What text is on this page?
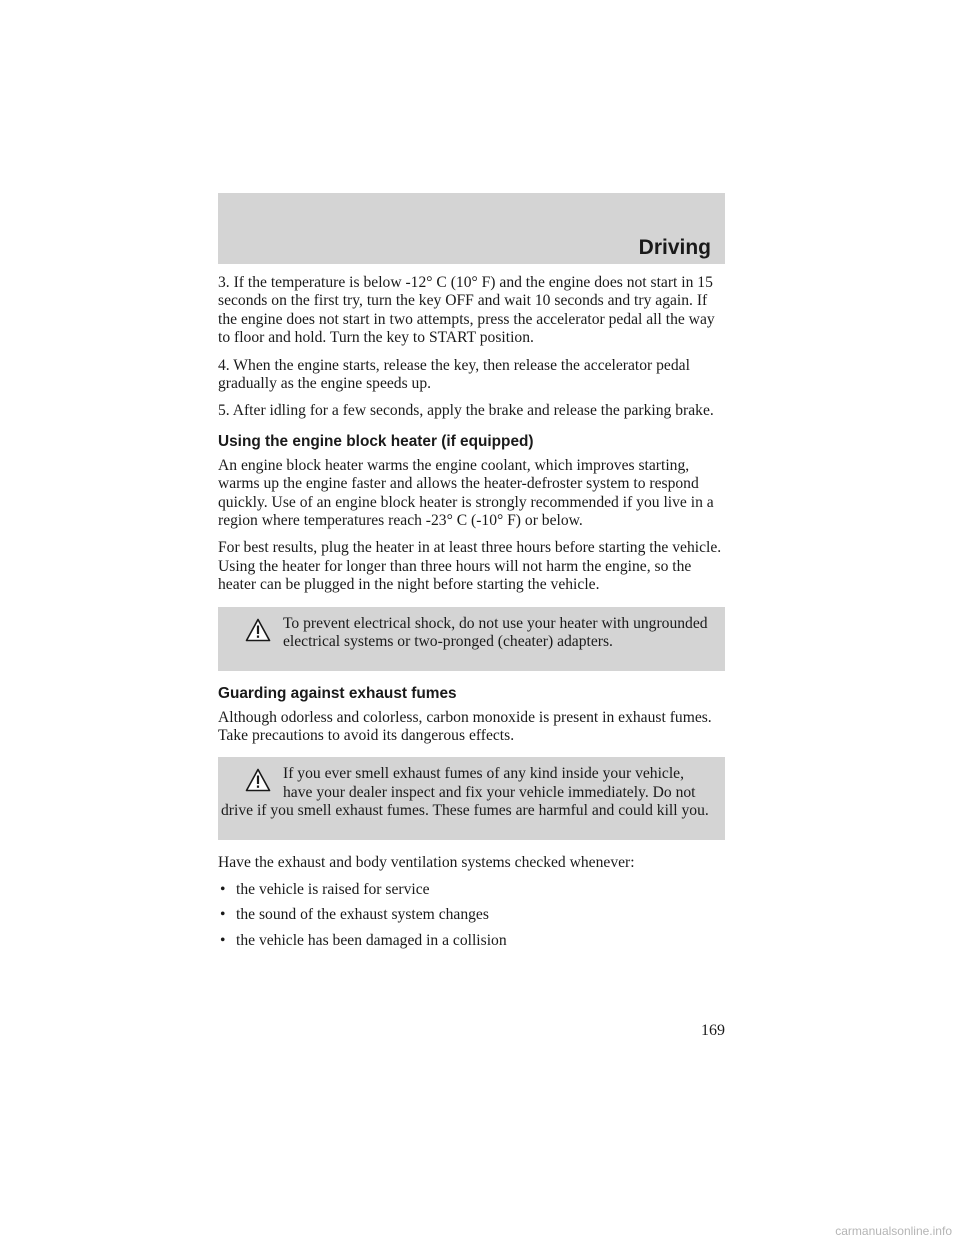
Driving

3. If the temperature is below -12° C (10° F) and the engine does not start in 15 seconds on the first try, turn the key OFF and wait 10 seconds and try again. If the engine does not start in two attempts, press the accelerator pedal all the way to floor and hold. Turn the key to START position.

4. When the engine starts, release the key, then release the accelerator pedal gradually as the engine speeds up.

5. After idling for a few seconds, apply the brake and release the parking brake.

Using the engine block heater (if equipped)

An engine block heater warms the engine coolant, which improves starting, warms up the engine faster and allows the heater-defroster system to respond quickly. Use of an engine block heater is strongly recommended if you live in a region where temperatures reach -23° C (-10° F) or below.

For best results, plug the heater in at least three hours before starting the vehicle. Using the heater for longer than three hours will not harm the engine, so the heater can be plugged in the night before starting the vehicle.

To prevent electrical shock, do not use your heater with ungrounded electrical systems or two-pronged (cheater) adapters.

Guarding against exhaust fumes

Although odorless and colorless, carbon monoxide is present in exhaust fumes. Take precautions to avoid its dangerous effects.

If you ever smell exhaust fumes of any kind inside your vehicle, have your dealer inspect and fix your vehicle immediately. Do not drive if you smell exhaust fumes. These fumes are harmful and could kill you.

Have the exhaust and body ventilation systems checked whenever:

• the vehicle is raised for service
• the sound of the exhaust system changes
• the vehicle has been damaged in a collision
169
carmanualsonline.info
